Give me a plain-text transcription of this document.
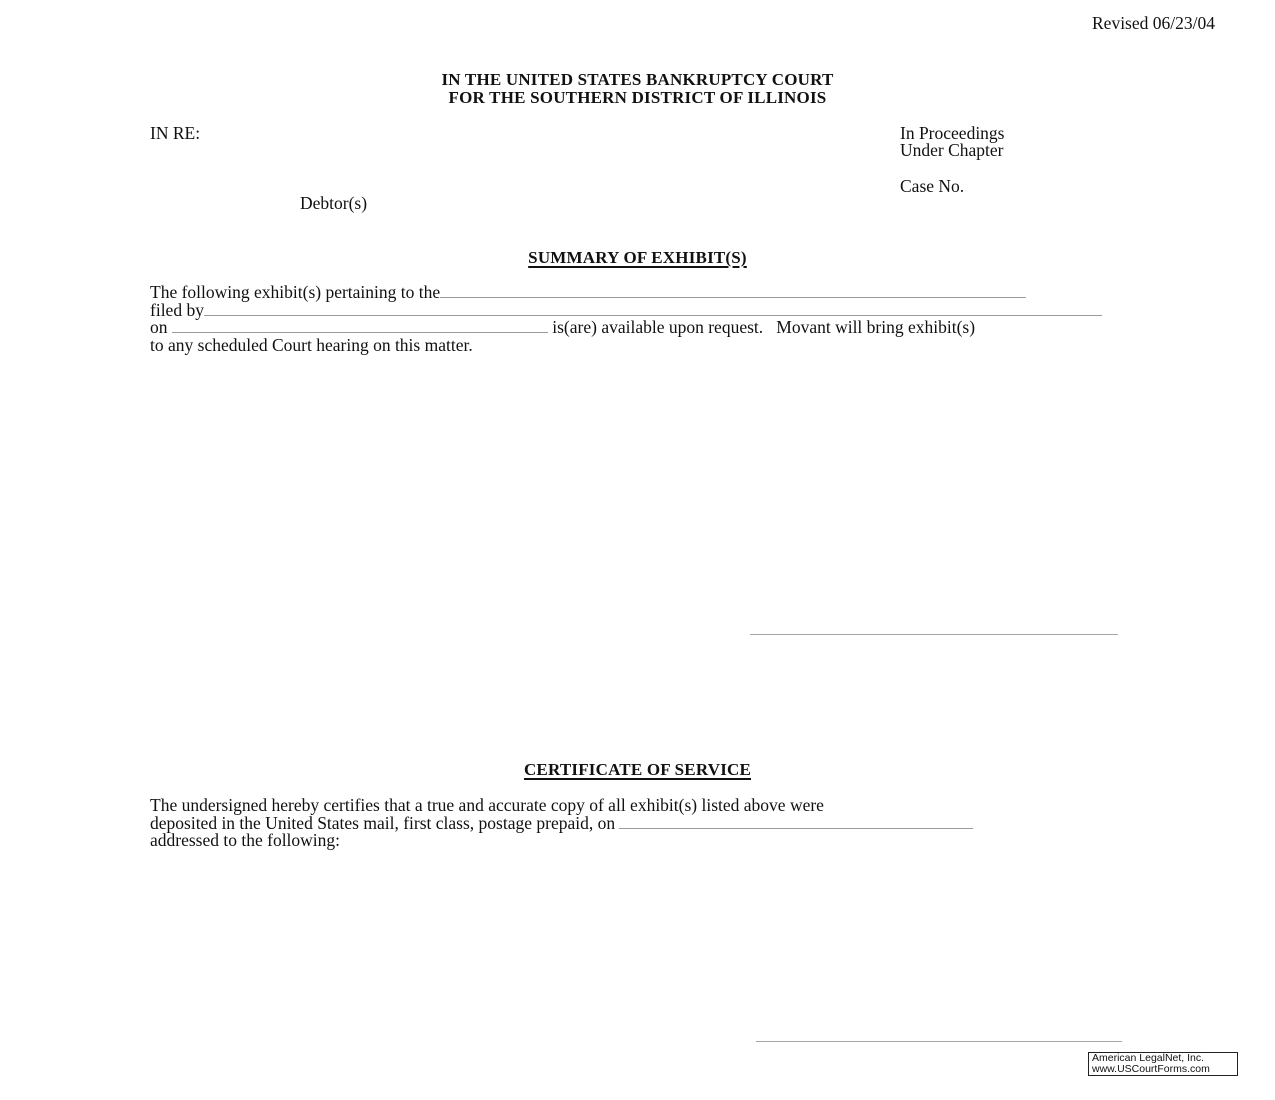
Revised 06/23/04
IN THE UNITED STATES BANKRUPTCY COURT
FOR THE SOUTHERN DISTRICT OF ILLINOIS
IN RE:
Debtor(s)
In Proceedings
Under Chapter
Case No.
SUMMARY OF EXHIBIT(S)
The following exhibit(s) pertaining to the
filed by
on	is(are) available upon request.   Movant will bring exhibit(s)
to any scheduled Court hearing on this matter.
CERTIFICATE OF SERVICE
The undersigned hereby certifies that a true and accurate copy of all exhibit(s) listed above were
deposited in the United States mail, first class, postage prepaid, on
addressed to the following:
American LegalNet, Inc.
www.USCourtForms.com
